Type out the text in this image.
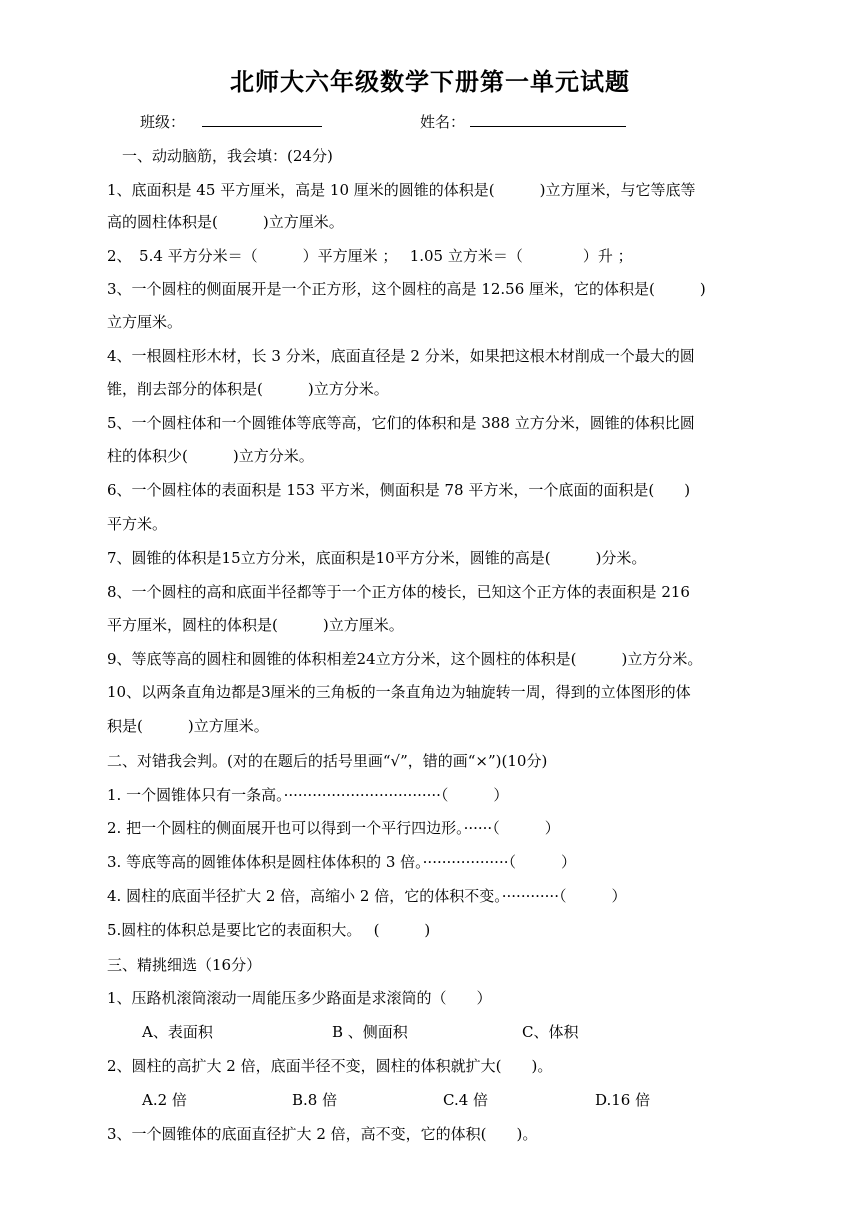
北师大六年级数学下册第一单元试题
班级：	姓名：
一、动动脑筋，我会填：(24分)
1、底面积是 45 平方厘米，高是 10 厘米的圆锥的体积是(　　　)立方厘米，与它等底等
高的圆柱体积是(　　　)立方厘米。
2、　5.4 平方分米＝（　　　）平方厘米 ；　 1.05 立方米＝（　　　　）升 ；
3、一个圆柱的侧面展开是一个正方形，这个圆柱的高是 12.56 厘米，它的体积是(　　　)
立方厘米。
4、一根圆柱形木材，长 3 分米，底面直径是 2 分米，如果把这根木材削成一个最大的圆
锥，削去部分的体积是(　　　)立方分米。
5、一个圆柱体和一个圆锥体等底等高，它们的体积和是 388 立方分米，圆锥的体积比圆
柱的体积少(　　　)立方分米。
6、一个圆柱体的表面积是 153 平方米，侧面积是 78 平方米，一个底面的面积是(　　)
平方米。
7、圆锥的体积是15立方分米，底面积是10平方分米，圆锥的高是(　　　)分米。
8、一个圆柱的高和底面半径都等于一个正方体的棱长，已知这个正方体的表面积是 216
平方厘米，圆柱的体积是(　　　)立方厘米。
9、等底等高的圆柱和圆锥的体积相差24立方分米，这个圆柱的体积是(　　　)立方分米。
10、以两条直角边都是3厘米的三角板的一条直角边为轴旋转一周，得到的立体图形的体
积是(　　　)立方厘米。
二、对错我会判。(对的在题后的括号里画“√”，错的画“×”)(10分)
1. 一个圆锥体只有一条高。·································（　　　）
2. 把一个圆柱的侧面展开也可以得到一个平行四边形。······（　　　）
3. 等底等高的圆锥体体积是圆柱体体积的 3 倍。··················（　　　）
4. 圆柱的底面半径扩大 2 倍，高缩小 2 倍，它的体积不变。············（　　　）
5.圆柱的体积总是要比它的表面积大。　 (　　　)
三、精挑细选（16分）
1、压路机滚筒滚动一周能压多少路面是求滚筒的（　　）
A、表面积	B 、侧面积	C、体积
2、圆柱的高扩大 2 倍，底面半径不变，圆柱的体积就扩大(　　)。
A.2 倍	B.8 倍	C.4 倍	D.16 倍
3、一个圆锥体的底面直径扩大 2 倍，高不变，它的体积(　　)。
